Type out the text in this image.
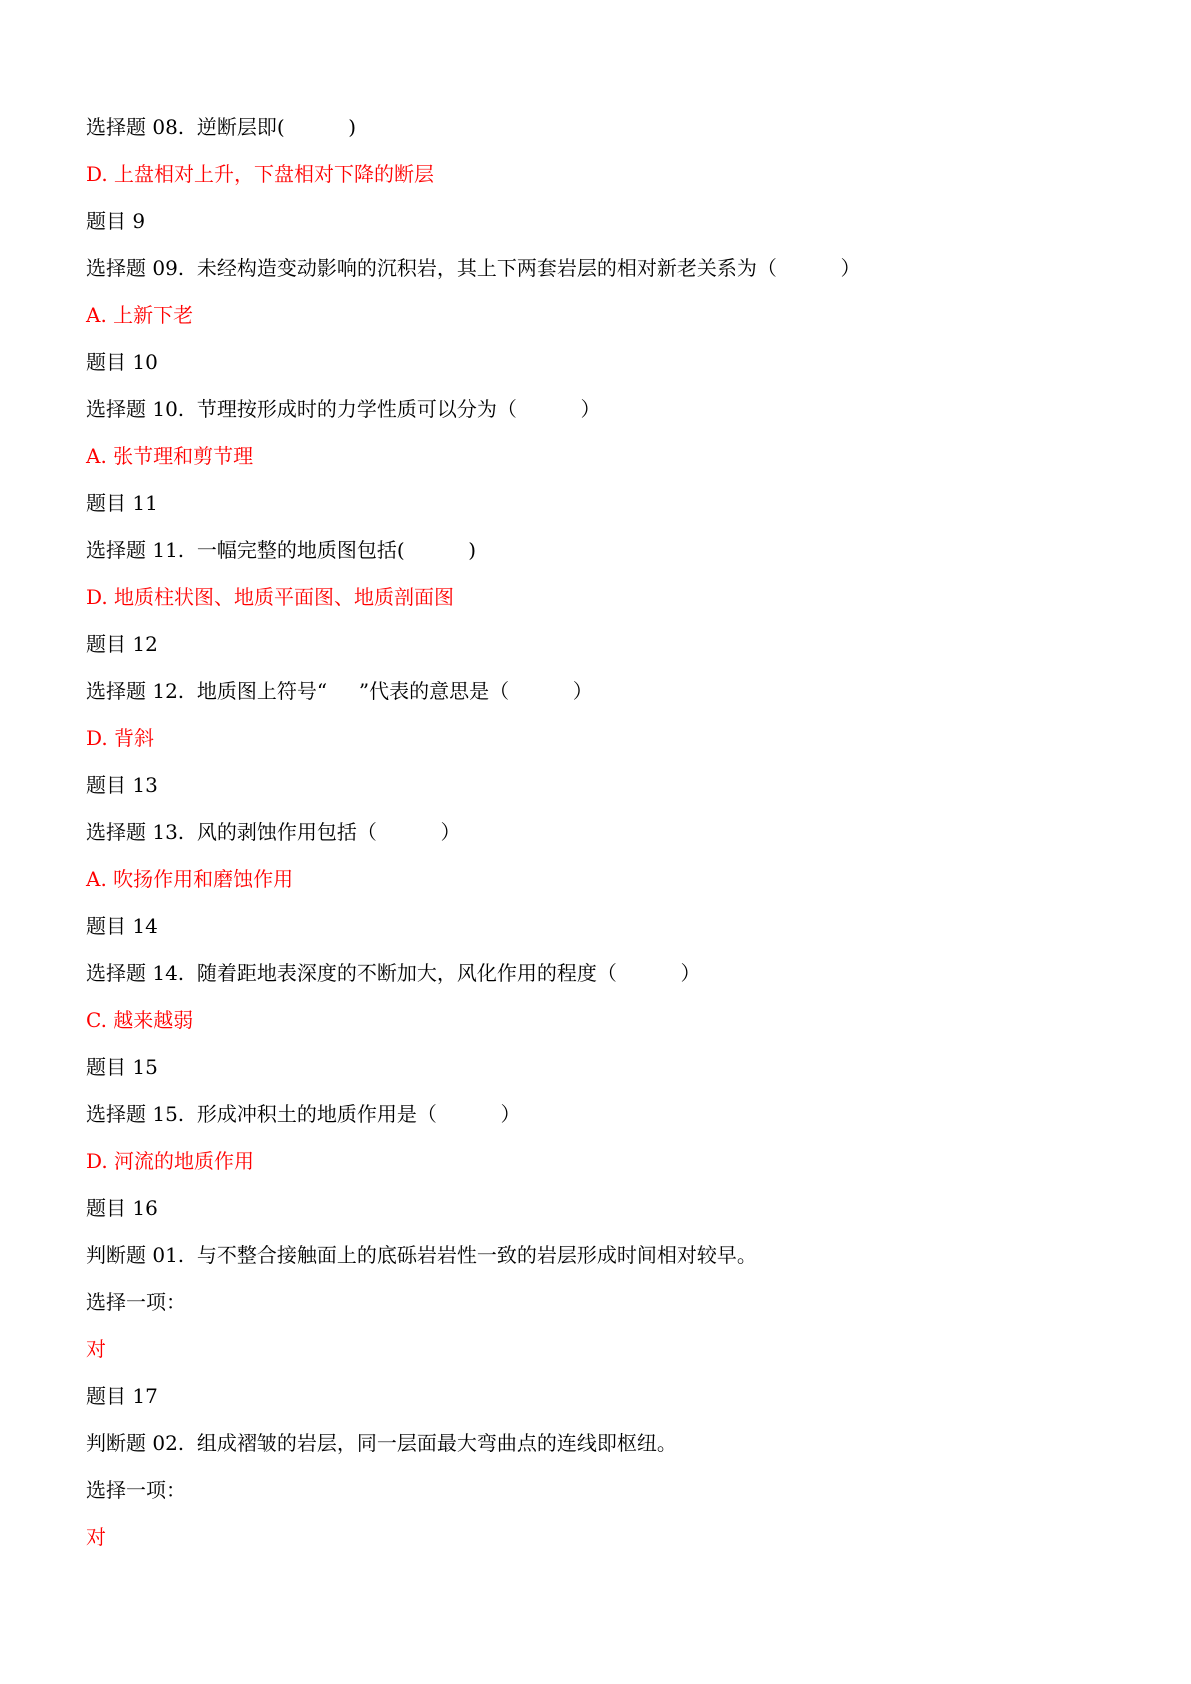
选择题 08.  逆断层即(          )
D. 上盘相对上升，下盘相对下降的断层
题目 9
选择题 09.  未经构造变动影响的沉积岩，其上下两套岩层的相对新老关系为（          ）
A. 上新下老
题目 10
选择题 10.  节理按形成时的力学性质可以分为（          ）
A. 张节理和剪节理
题目 11
选择题 11.  一幅完整的地质图包括(          )
D. 地质柱状图、地质平面图、地质剖面图
题目 12
选择题 12.  地质图上符号“     ”代表的意思是（          ）
D. 背斜
题目 13
选择题 13.  风的剥蚀作用包括（          ）
A. 吹扬作用和磨蚀作用
题目 14
选择题 14.  随着距地表深度的不断加大，风化作用的程度（          ）
C. 越来越弱
题目 15
选择题 15.  形成冲积土的地质作用是（          ）
D. 河流的地质作用
题目 16
判断题 01.  与不整合接触面上的底砾岩岩性一致的岩层形成时间相对较早。
选择一项：
对
题目 17
判断题 02.  组成褶皱的岩层，同一层面最大弯曲点的连线即枢纽。
选择一项：
对
